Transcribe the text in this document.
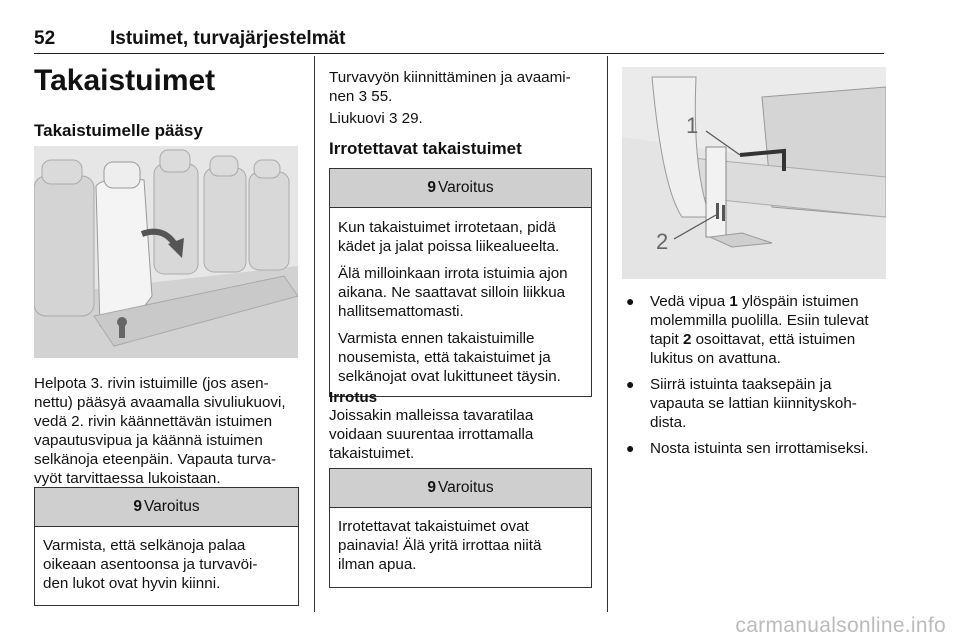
52	Istuimet, turvajärjestelmät
Takaistuimet
Takaistuimelle pääsy
Helpota 3. rivin istuimille (jos asen-
nettu) pääsyä avaamalla sivuliukuovi,
vedä 2. rivin käännettävän istuimen
vapautusvipua ja käännä istuimen
selkänoja eteenpäin. Vapauta turva-
vyöt tarvittaessa lukoistaan.
9 Varoitus
Varmista, että selkänoja palaa
oikeaan asentoonsa ja turvavöi-
den lukot ovat hyvin kiinni.
Turvavyön kiinnittäminen ja avaami-
nen 3 55.
Liukuovi 3 29.
Irrotettavat takaistuimet
9 Varoitus

Kun takaistuimet irrotetaan, pidä
kädet ja jalat poissa liikealueelta.

Älä milloinkaan irrota istuimia ajon
aikana. Ne saattavat silloin liikkua
hallitsemattomasti.

Varmista ennen takaistuimille
nousemista, että takaistuimet ja
selkänojat ovat lukittuneet täysin.

Irrotus
Joissakin malleissa tavaratilaa
voidaan suurentaa irrottamalla
takaistuimet.
9 Varoitus
Irrotettavat takaistuimet ovat
painavia! Älä yritä irrottaa niitä
ilman apua.
1
2
●	Vedä vipua 1 ylöspäin istuimen
molemmilla puolilla. Esiin tulevat
tapit 2 osoittavat, että istuimen
lukitus on avattuna.
●	Siirrä istuinta taaksepäin ja
vapauta se lattian kiinnityskoh-
dista.
●	Nosta istuinta sen irrottamiseksi.
carmanualsonline.info
